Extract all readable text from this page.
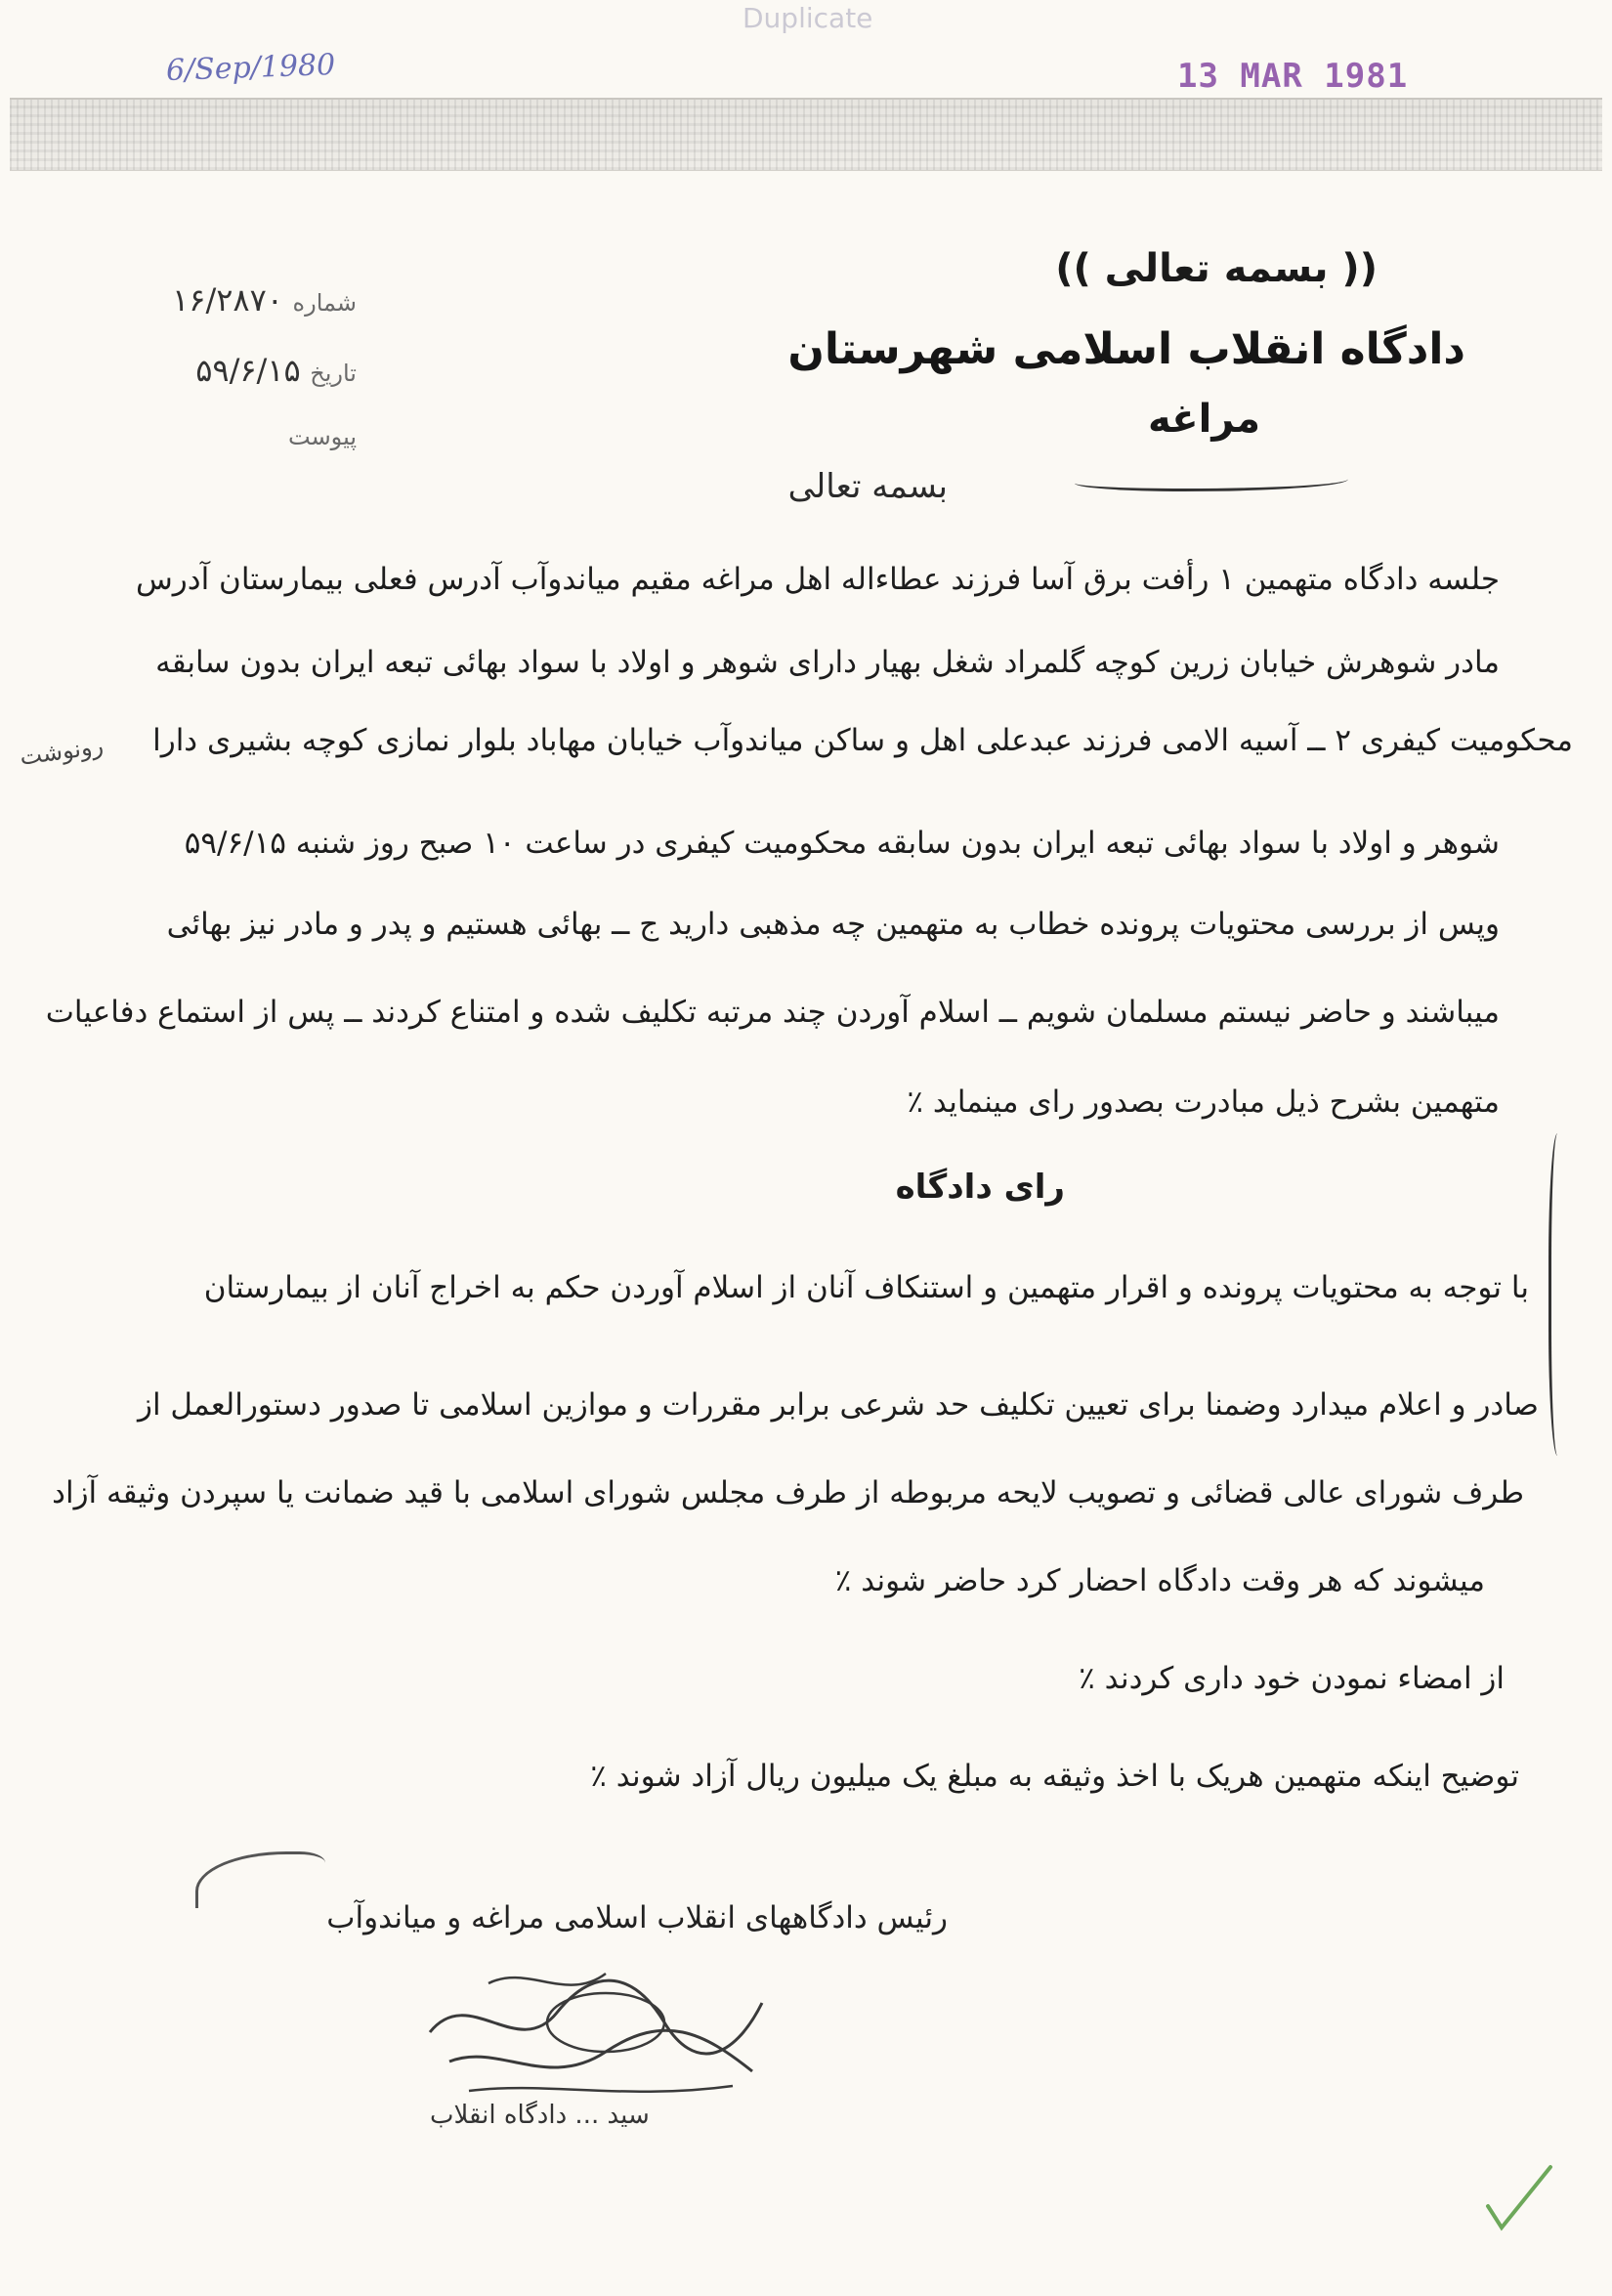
Duplicate
6/Sep/1980	13 MAR 1981
شماره ۱۶/۲۸۷۰
تاریخ ۵۹/۶/۱۵
پیوست
(( بسمه تعالی ))
دادگاه انقلاب اسلامی شهرستان
مراغه
بسمه تعالی
جلسه دادگاه متهمین ۱ رأفت برق آسا فرزند عطاءاله اهل مراغه مقیم میاندوآب آدرس فعلی بیمارستان آدرس
مادر شوهرش خیابان زرین کوچه گلمراد شغل بهیار دارای شوهر و اولاد با سواد بهائی تبعه ایران بدون سابقه
محکومیت کیفری ۲ ــ آسیه الامی فرزند عبدعلی اهل و ساکن میاندوآب خیابان مهاباد بلوار نمازی کوچه بشیری دارا
شوهر و اولاد با سواد بهائی تبعه ایران بدون سابقه محکومیت کیفری در ساعت ۱۰ صبح روز شنبه ۵۹/۶/۱۵
وپس از بررسی محتویات پرونده خطاب به متهمین چه مذهبی دارید ج ــ بهائی هستیم و پدر و مادر نیز بهائی
میباشند و حاضر نیستم مسلمان شویم ــ اسلام آوردن چند مرتبه تکلیف شده و امتناع کردند ــ پس از استماع دفاعیات
متهمین بشرح ذیل مبادرت بصدور رای مینماید ٪
رونوشت
رای دادگاه
با توجه به محتویات پرونده و اقرار متهمین و استنکاف آنان از اسلام آوردن حکم به اخراج آنان از بیمارستان
صادر و اعلام میدارد وضمنا برای تعیین تکلیف حد شرعی برابر مقررات و موازین اسلامی تا صدور دستورالعمل از
طرف شورای عالی قضائی و تصویب لایحه مربوطه از طرف مجلس شورای اسلامی با قید ضمانت یا سپردن وثیقه آزاد
میشوند که هر وقت دادگاه احضار کرد حاضر شوند ٪
از امضاء نمودن خود داری کردند ٪
توضیح اینکه متهمین هریک با اخذ وثیقه به مبلغ یک میلیون ریال آزاد شوند ٪
رئیس دادگاههای انقلاب اسلامی مراغه و میاندوآب
سید ... دادگاه انقلاب
